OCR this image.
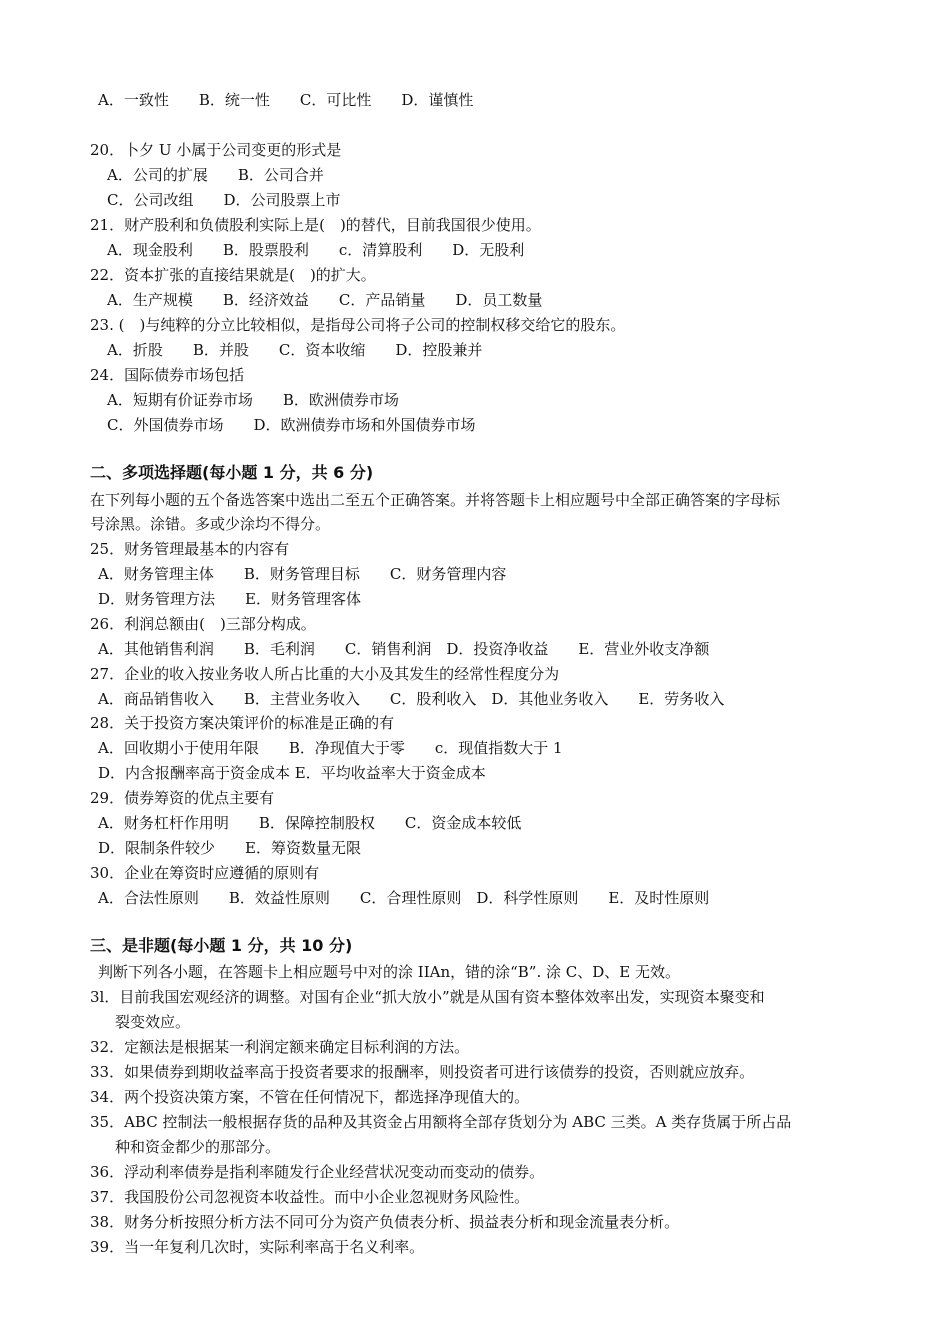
A．一致性　　B．统一性　　C．可比性　　D．谨慎性
20．卜夕 U 小属于公司变更的形式是
A．公司的扩展　　B．公司合并
C．公司改组　　D．公司股票上市
21．财产股利和负债股利实际上是(　)的替代，目前我国很少使用。
A．现金股利　　B．股票股利　　c．清算股利　　D．无股利
22．资本扩张的直接结果就是(　)的扩大。
A．生产规模　　B．经济效益　　C．产品销量　　D．员工数量
23. (　)与纯粹的分立比较相似，是指母公司将子公司的控制权移交给它的股东。
A．折股　　B．并股　　C．资本收缩　　D．控股兼并
24．国际债券市场包括
A．短期有价证券市场　　B．欧洲债券市场
C．外国债券市场　　D．欧洲债券市场和外国债券市场
二、多项选择题(每小题 1 分，共 6 分)
在下列每小题的五个备选答案中选出二至五个正确答案。并将答题卡上相应题号中全部正确答案的字母标
号涂黑。涂错。多或少涂均不得分。
25．财务管理最基本的内容有
A．财务管理主体　　B．财务管理目标　　C．财务管理内容
D．财务管理方法　　E．财务管理客体
26．利润总额由(　)三部分构成。
A．其他销售利润　　B．毛利润　　C．销售利润　D．投资净收益　　E．营业外收支净额
27．企业的收入按业务收人所占比重的大小及其发生的经常性程度分为
A．商品销售收入　　B．主营业务收入　　C．股利收入　D．其他业务收入　　E．劳务收入
28．关于投资方案决策评价的标准是正确的有
A．回收期小于使用年限　　B．净现值大于零　　c．现值指数大于 1
D．内含报酬率高于资金成本 E．平均收益率大于资金成本
29．债券筹资的优点主要有
A．财务杠杆作用明　　B．保障控制股权　　C．资金成本较低
D．限制条件较少　　E．筹资数量无限
30．企业在筹资时应遵循的原则有
A．合法性原则　　B．效益性原则　　C．合理性原则　D．科学性原则　　E．及时性原则
三、是非题(每小题 1 分，共 10 分)
判断下列各小题，在答题卡上相应题号中对的涂 IIAn，错的涂“B”. 涂 C、D、E 无效。
3l．目前我国宏观经济的调整。对国有企业“抓大放小”就是从国有资本整体效率出发，实现资本聚变和
裂变效应。
32．定额法是根据某一利润定额来确定目标利润的方法。
33．如果债券到期收益率高于投资者要求的报酬率，则投资者可进行该债券的投资，否则就应放弃。
34．两个投资决策方案，不管在任何情况下，都选择净现值大的。
35．ABC 控制法一般根据存货的品种及其资金占用额将全部存货划分为 ABC 三类。A 类存货属于所占品
种和资金都少的那部分。
36．浮动利率债券是指利率随发行企业经营状况变动而变动的债券。
37．我国股份公司忽视资本收益性。而中小企业忽视财务风险性。
38．财务分析按照分析方法不同可分为资产负债表分析、损益表分析和现金流量表分析。
39．当一年复利几次时，实际利率高于名义利率。
